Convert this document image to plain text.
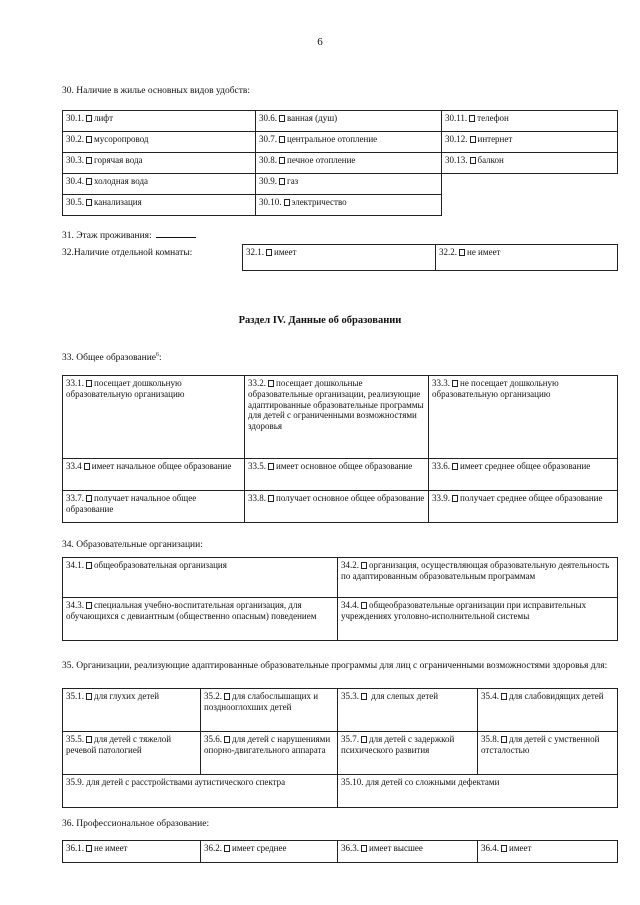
6
30. Наличие в жилье основных видов удобств:
30.1. лифт	30.6. ванная (душ)	30.11. телефон
30.2. мусоропровод	30.7. центральное отопление	30.12. интернет
30.3. горячая вода	30.8. печное отопление	30.13. балкон
30.4. холодная вода	30.9. газ	
30.5. канализация	30.10. электричество	
31. Этаж проживания:
32.Наличие отдельной комнаты:	32.1. имеет	32.2. не имеет
Раздел IV. Данные об образовании
33. Общее образование$^6$:
33.1. посещает дошкольную образовательную организацию	33.2. посещает дошкольные образовательные организации, реализующие адаптированные образовательные программы для детей с ограниченными возможностями здоровья	33.3. не посещает дошкольную образовательную организацию
33.4 имеет начальное общее образование	33.5. имеет основное общее образование	33.6. имеет среднее общее образование
33.7. получает начальное общее образование	33.8. получает основное общее образование	33.9. получает среднее общее образование
34. Образовательные организации:
34.1. общеобразовательная организация	34.2. организация, осуществляющая образовательную деятельность по адаптированным образовательным программам
34.3. специальная учебно-воспитательная организация, для обучающихся с девиантным (общественно опасным) поведением	34.4. общеобразовательные организации при исправительных учреждениях уголовно-исполнительной системы
35. Организации, реализующие адаптированные образовательные программы для лиц с ограниченными возможностями здоровья для:
35.1. для глухих детей	35.2. для слабослышащих и позднооглохших детей	35.3. для слепых детей	35.4. для слабовидящих детей
35.5. для детей с тяжелой речевой патологией	35.6. для детей с нарушениями опорно-двигательного аппарата	35.7. для детей с задержкой психического развития	35.8. для детей с умственной отсталостью
35.9. для детей с расстройствами аутистического спектра		35.10. для детей со сложными дефектами	
36. Профессиональное образование:
36.1. не имеет	36.2. имеет среднее	36.3. имеет высшее	36.4. имеет
